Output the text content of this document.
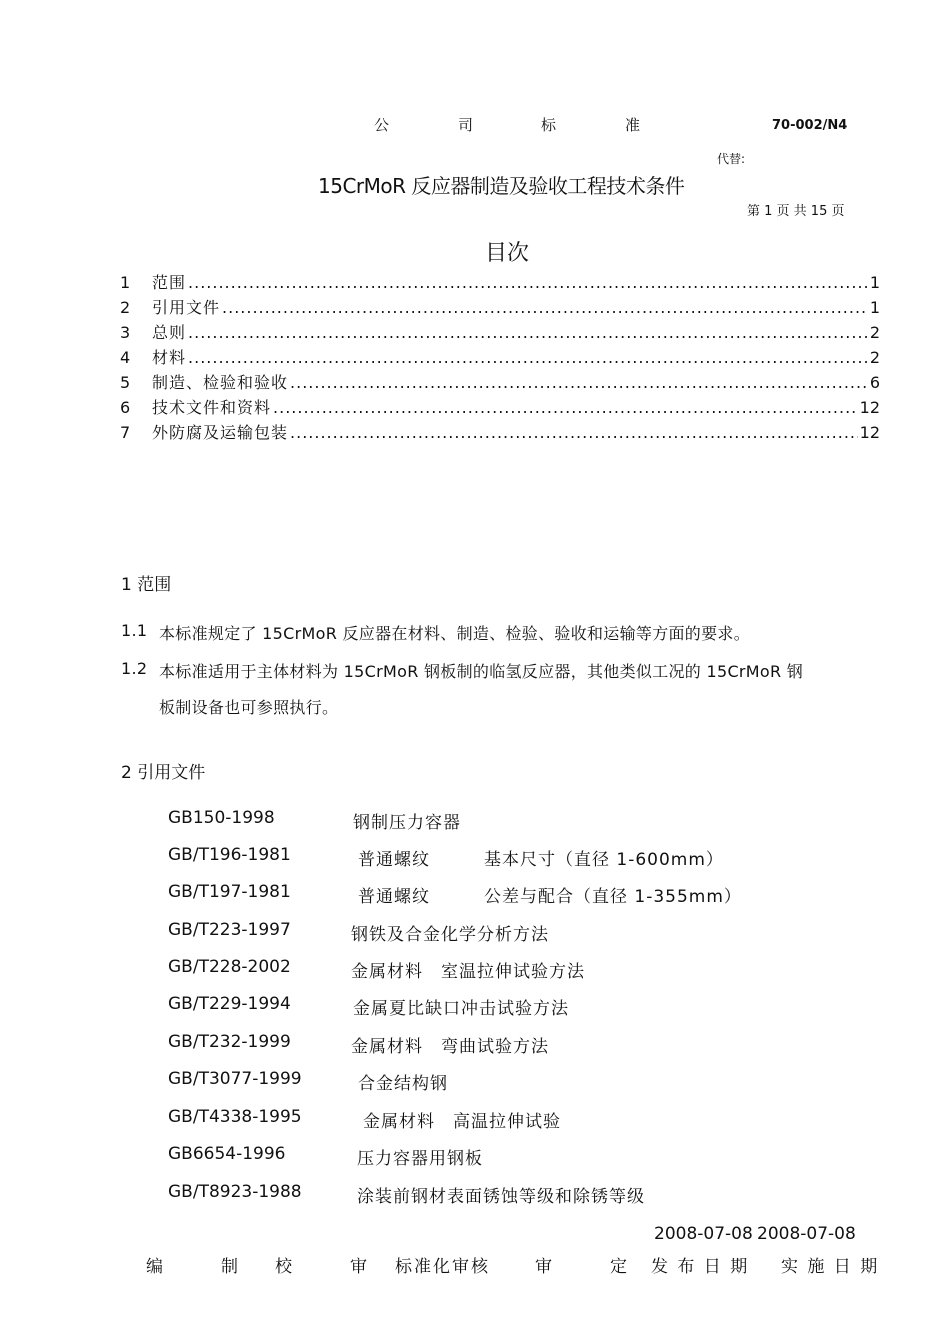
公	司	标	准	70-002/N4
代替:
15CrMoR 反应器制造及验收工程技术条件
第 1 页 共 15 页
目次
1	范围 .....	1
2	引用文件 .....	1
3	总则 .....	2
4	材料 .....	2
5	制造、检验和验收 .....	6
6	技术文件和资料 .....	12
7	外防腐及运输包装 .....	12
1 范围
1.1 本标准规定了 15CrMoR 反应器在材料、制造、检验、验收和运输等方面的要求。
1.2 本标准适用于主体材料为 15CrMoR 钢板制的临氢反应器，其他类似工况的 15CrMoR 钢
板制设备也可参照执行。
2 引用文件
GB150-1998	钢制压力容器
GB/T196-1981	普通螺纹　　　基本尺寸（直径 1-600mm）
GB/T197-1981	普通螺纹　　　公差与配合（直径 1-355mm）
GB/T223-1997	钢铁及合金化学分析方法
GB/T228-2002	金属材料　室温拉伸试验方法
GB/T229-1994	金属夏比缺口冲击试验方法
GB/T232-1999	金属材料　弯曲试验方法
GB/T3077-1999	合金结构钢
GB/T4338-1995	金属材料　高温拉伸试验
GB6654-1996	压力容器用钢板
GB/T8923-1988	涂装前钢材表面锈蚀等级和除锈等级
2008-07-08 2008-07-08
编　　制 校　　审 标准化审核	审　　定 发 布 日 期 实 施 日 期
